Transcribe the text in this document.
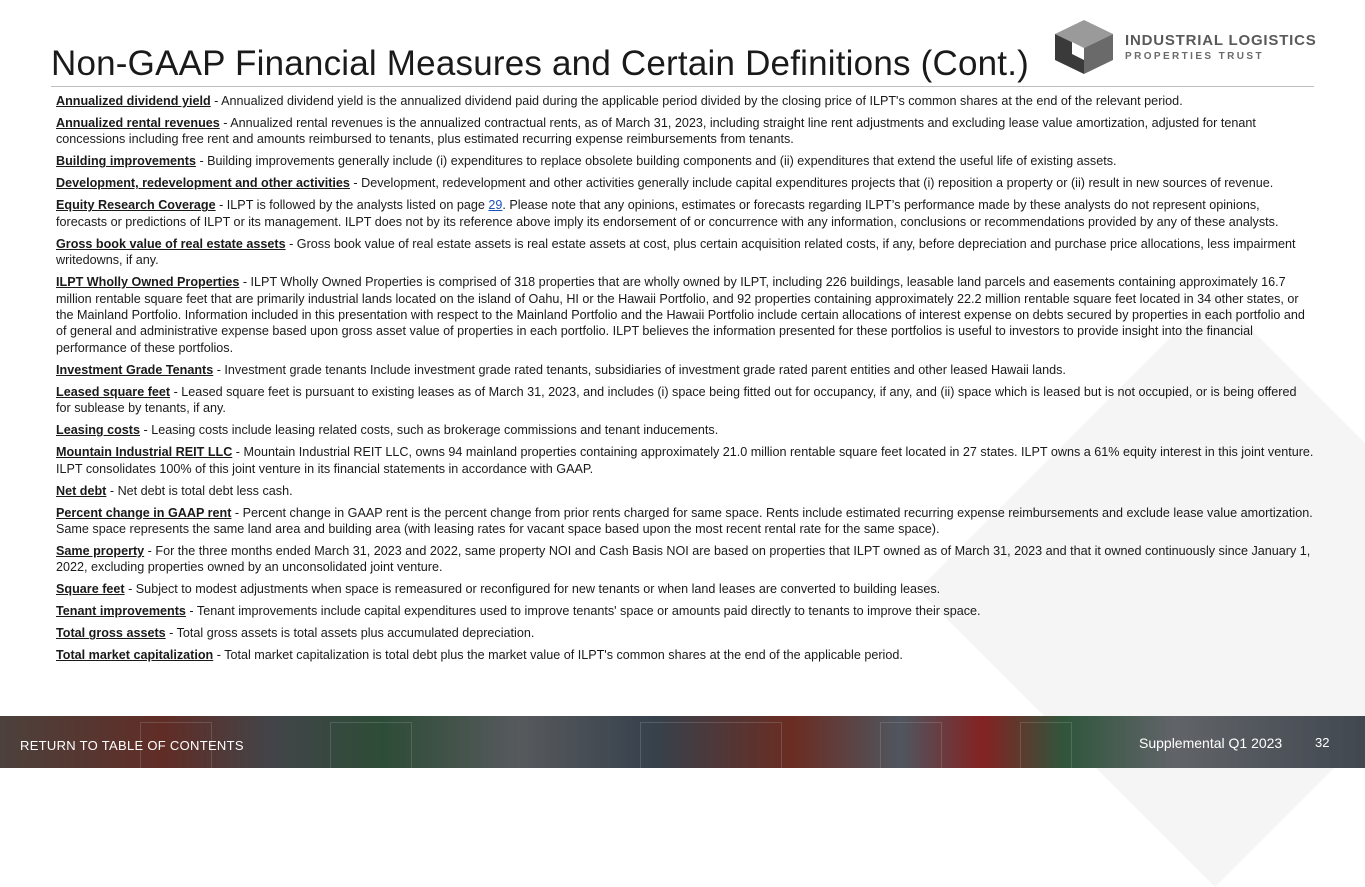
Non-GAAP Financial Measures and Certain Definitions (Cont.)
INDUSTRIAL LOGISTICS
PROPERTIES TRUST

Annualized dividend yield - Annualized dividend yield is the annualized dividend paid during the applicable period divided by the closing price of ILPT's common shares at the end of the relevant period.

Annualized rental revenues - Annualized rental revenues is the annualized contractual rents, as of March 31, 2023, including straight line rent adjustments and excluding lease value amortization, adjusted for tenant concessions including free rent and amounts reimbursed to tenants, plus estimated recurring expense reimbursements from tenants.

Building improvements - Building improvements generally include (i) expenditures to replace obsolete building components and (ii) expenditures that extend the useful life of existing assets.

Development, redevelopment and other activities - Development, redevelopment and other activities generally include capital expenditures projects that (i) reposition a property or (ii) result in new sources of revenue.

Equity Research Coverage - ILPT is followed by the analysts listed on page 29. Please note that any opinions, estimates or forecasts regarding ILPT’s performance made by these analysts do not represent opinions, forecasts or predictions of ILPT or its management. ILPT does not by its reference above imply its endorsement of or concurrence with any information, conclusions or recommendations provided by any of these analysts.

Gross book value of real estate assets - Gross book value of real estate assets is real estate assets at cost, plus certain acquisition related costs, if any, before depreciation and purchase price allocations, less impairment writedowns, if any.

ILPT Wholly Owned Properties - ILPT Wholly Owned Properties is comprised of 318 properties that are wholly owned by ILPT, including 226 buildings, leasable land parcels and easements containing approximately 16.7 million rentable square feet that are primarily industrial lands located on the island of Oahu, HI or the Hawaii Portfolio, and 92 properties containing approximately 22.2 million rentable square feet located in 34 other states, or the Mainland Portfolio. Information included in this presentation with respect to the Mainland Portfolio and the Hawaii Portfolio include certain allocations of interest expense on debts secured by properties in each portfolio and of general and administrative expense based upon gross asset value of properties in each portfolio. ILPT believes the information presented for these portfolios is useful to investors to provide insight into the financial performance of these portfolios.

Investment Grade Tenants - Investment grade tenants Include investment grade rated tenants, subsidiaries of investment grade rated parent entities and other leased Hawaii lands.

Leased square feet - Leased square feet is pursuant to existing leases as of March 31, 2023, and includes (i) space being fitted out for occupancy, if any, and (ii) space which is leased but is not occupied, or is being offered for sublease by tenants, if any.

Leasing costs - Leasing costs include leasing related costs, such as brokerage commissions and tenant inducements.

Mountain Industrial REIT LLC - Mountain Industrial REIT LLC, owns 94 mainland properties containing approximately 21.0 million rentable square feet located in 27 states. ILPT owns a 61% equity interest in this joint venture. ILPT consolidates 100% of this joint venture in its financial statements in accordance with GAAP.

Net debt - Net debt is total debt less cash.

Percent change in GAAP rent - Percent change in GAAP rent is the percent change from prior rents charged for same space. Rents include estimated recurring expense reimbursements and exclude lease value amortization. Same space represents the same land area and building area (with leasing rates for vacant space based upon the most recent rental rate for the same space).

Same property - For the three months ended March 31, 2023 and 2022, same property NOI and Cash Basis NOI are based on properties that ILPT owned as of March 31, 2023 and that it owned continuously since January 1, 2022, excluding properties owned by an unconsolidated joint venture.

Square feet - Subject to modest adjustments when space is remeasured or reconfigured for new tenants or when land leases are converted to building leases.

Tenant improvements - Tenant improvements include capital expenditures used to improve tenants' space or amounts paid directly to tenants to improve their space.

Total gross assets - Total gross assets is total assets plus accumulated depreciation.

Total market capitalization - Total market capitalization is total debt plus the market value of ILPT's common shares at the end of the applicable period.

RETURN TO TABLE OF CONTENTS	Supplemental Q1 2023	32
